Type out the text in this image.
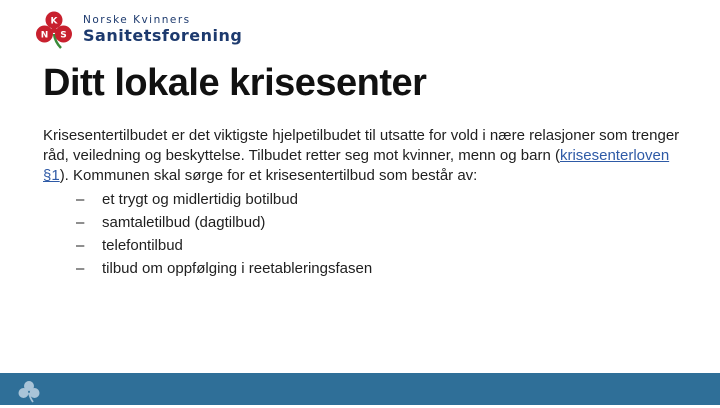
K
N S
Norske Kvinners
Sanitetsforening
Ditt lokale krisesenter

Krisesentertilbudet er det viktigste hjelpetilbudet til utsatte for vold i nære relasjoner som trenger råd, veiledning og beskyttelse. Tilbudet retter seg mot kvinner, menn og barn (krisesenterloven §1). Kommunen skal sørge for et krisesentertilbud som består av:

–	et trygt og midlertidig botilbud
–	samtaletilbud (dagtilbud)
–	telefontilbud
–	tilbud om oppfølging i reetableringsfasen
